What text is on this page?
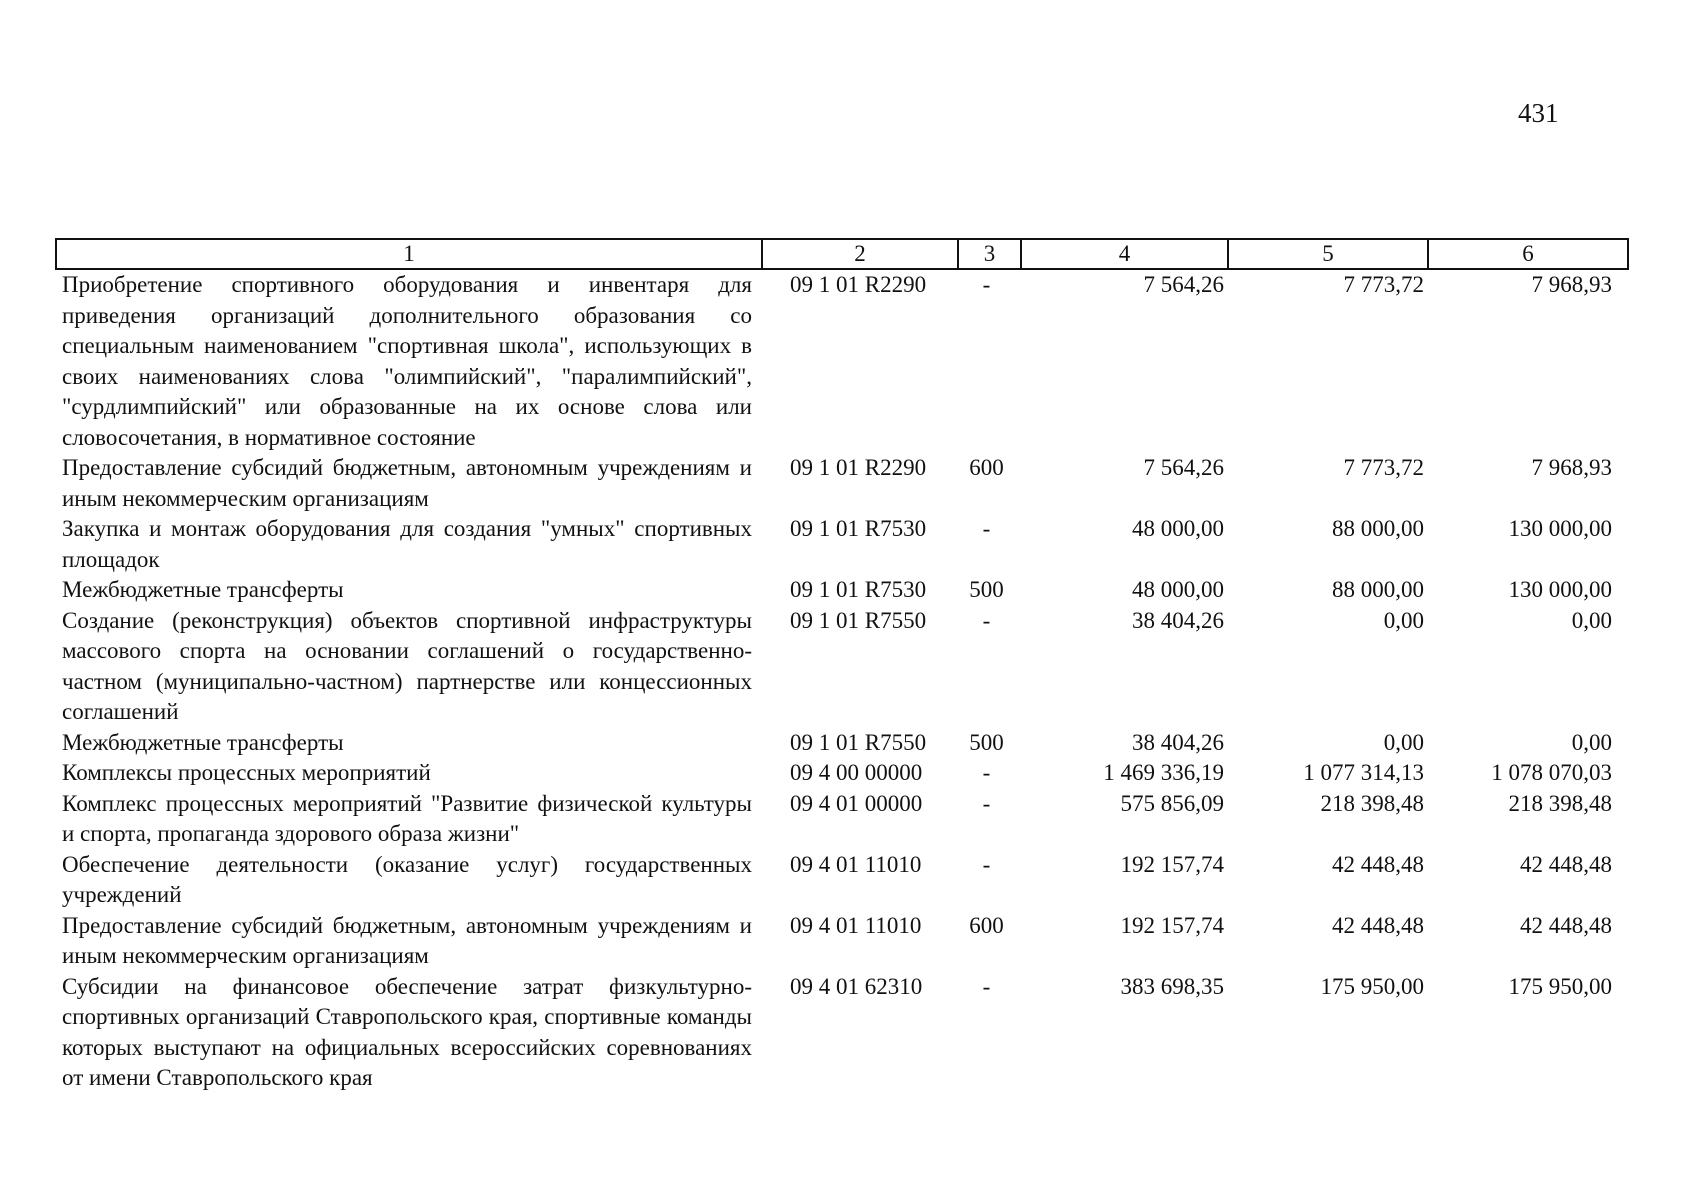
431
1	2	3	4	5	6
Приобретение спортивного оборудования и инвентаря для приведения организаций дополнительного образования со специальным наименованием "спортивная школа", использующих в своих наименованиях слова "олимпийский", "паралимпийский", "сурдлимпийский" или образованные на их основе слова или словосочетания, в нормативное состояние	09 1 01 R2290	-	7 564,26	7 773,72	7 968,93
Предоставление субсидий бюджетным, автономным учреждениям и иным некоммерческим организациям	09 1 01 R2290	600	7 564,26	7 773,72	7 968,93
Закупка и монтаж оборудования для создания "умных" спортивных площадок	09 1 01 R7530	-	48 000,00	88 000,00	130 000,00
Межбюджетные трансферты	09 1 01 R7530	500	48 000,00	88 000,00	130 000,00
Создание (реконструкция) объектов спортивной инфраструктуры массового спорта на основании соглашений о государственно-частном (муниципально-частном) партнерстве или концессионных соглашений	09 1 01 R7550	-	38 404,26	0,00	0,00
Межбюджетные трансферты	09 1 01 R7550	500	38 404,26	0,00	0,00
Комплексы процессных мероприятий	09 4 00 00000	-	1 469 336,19	1 077 314,13	1 078 070,03
Комплекс процессных мероприятий "Развитие физической культуры и спорта, пропаганда здорового образа жизни"	09 4 01 00000	-	575 856,09	218 398,48	218 398,48
Обеспечение деятельности (оказание услуг) государственных учреждений	09 4 01 11010	-	192 157,74	42 448,48	42 448,48
Предоставление субсидий бюджетным, автономным учреждениям и иным некоммерческим организациям	09 4 01 11010	600	192 157,74	42 448,48	42 448,48
Субсидии на финансовое обеспечение затрат физкультурно-спортивных организаций Ставропольского края, спортивные команды которых выступают на официальных всероссийских соревнованиях от имени Ставропольского края	09 4 01 62310	-	383 698,35	175 950,00	175 950,00
